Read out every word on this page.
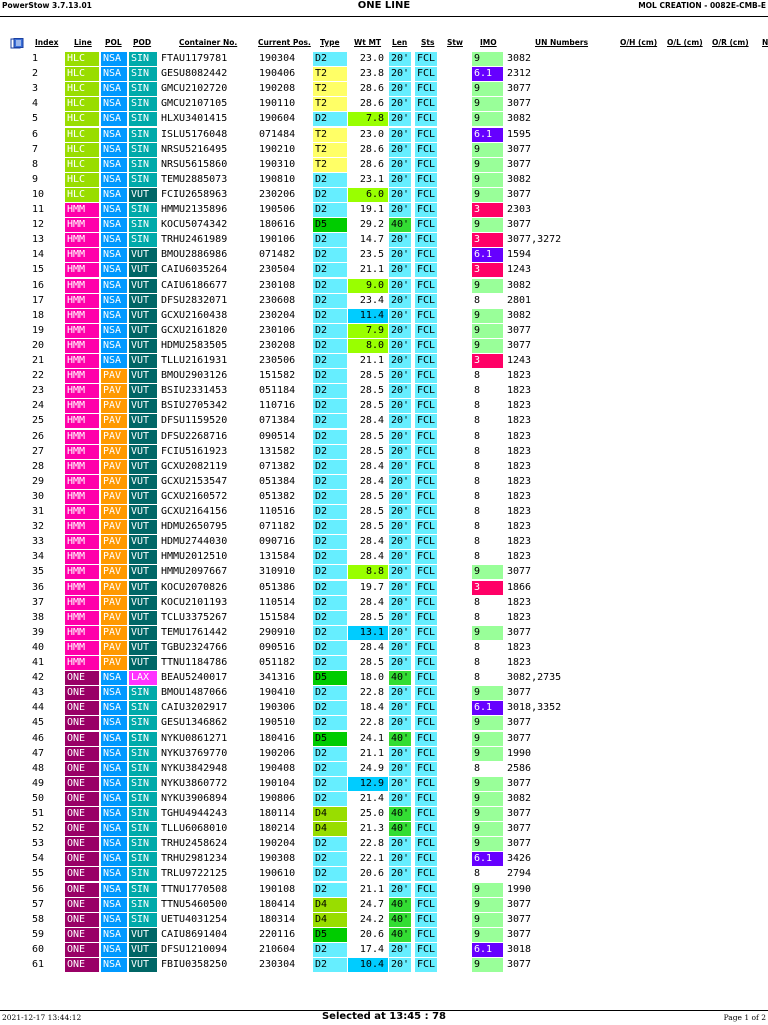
PowerStow 3.7.13.01	ONE LINE	MOL CREATION - 0082E-CMB-E
Index Line POL POD	Container No.	Current Pos. Type Wt MT Len Sts Stw IMO	UN Numbers	O/H (cm) O/L (cm) O/R (cm) N
1	HLC	NSA SIN	FTAU1179781	190304	D2	23.0 20' FCL	9	3082
2	HLC	NSA SIN	GESU8082442	190406	T2	23.8 20' FCL	6.1	2312
3	HLC	NSA SIN	GMCU2102720	190208	T2	28.6 20' FCL	9	3077
4	HLC	NSA SIN	GMCU2107105	190110	T2	28.6 20' FCL	9	3077
5	HLC	NSA SIN	HLXU3401415	190604	D2	7.8 20' FCL	9	3082
6	HLC	NSA SIN	ISLU5176048	071484	T2	23.0 20' FCL	6.1	1595
7	HLC	NSA SIN	NRSU5216495	190210	T2	28.6 20' FCL	9	3077
8	HLC	NSA SIN	NRSU5615860	190310	T2	28.6 20' FCL	9	3077
9	HLC	NSA SIN	TEMU2885073	190810	D2	23.1 20' FCL	9	3082
10	HLC	NSA VUT	FCIU2658963	230206	D2	6.0 20' FCL	9	3077
11	HMM	NSA SIN	HMMU2135896	190506	D2	19.1 20' FCL	3	2303
12	HMM	NSA SIN	KOCU5074342	180616	D5	29.2 40' FCL	9	3077
13	HMM	NSA SIN	TRHU2461989	190106	D2	14.7 20' FCL	3	3077,3272
14	HMM	NSA VUT	BMOU2886986	071482	D2	23.5 20' FCL	6.1	1594
15	HMM	NSA VUT	CAIU6035264	230504	D2	21.1 20' FCL	3	1243
16	HMM	NSA VUT	CAIU6186677	230108	D2	9.0 20' FCL	9	3082
17	HMM	NSA VUT	DFSU2832071	230608	D2	23.4 20' FCL	8	2801
18	HMM	NSA VUT	GCXU2160438	230204	D2	11.4 20' FCL	9	3082
19	HMM	NSA VUT	GCXU2161820	230106	D2	7.9 20' FCL	9	3077
20	HMM	NSA VUT	HDMU2583505	230208	D2	8.0 20' FCL	9	3077
21	HMM	NSA VUT	TLLU2161931	230506	D2	21.1 20' FCL	3	1243
22	HMM	PAV VUT	BMOU2903126	151582	D2	28.5 20' FCL	8	1823
23	HMM	PAV VUT	BSIU2331453	051184	D2	28.5 20' FCL	8	1823
24	HMM	PAV VUT	BSIU2705342	110716	D2	28.5 20' FCL	8	1823
25	HMM	PAV VUT	DFSU1159520	071384	D2	28.4 20' FCL	8	1823
26	HMM	PAV VUT	DFSU2268716	090514	D2	28.5 20' FCL	8	1823
27	HMM	PAV VUT	FCIU5161923	131582	D2	28.5 20' FCL	8	1823
28	HMM	PAV VUT	GCXU2082119	071382	D2	28.4 20' FCL	8	1823
29	HMM	PAV VUT	GCXU2153547	051384	D2	28.4 20' FCL	8	1823
30	HMM	PAV VUT	GCXU2160572	051382	D2	28.5 20' FCL	8	1823
31	HMM	PAV VUT	GCXU2164156	110516	D2	28.5 20' FCL	8	1823
32	HMM	PAV VUT	HDMU2650795	071182	D2	28.5 20' FCL	8	1823
33	HMM	PAV VUT	HDMU2744030	090716	D2	28.4 20' FCL	8	1823
34	HMM	PAV VUT	HMMU2012510	131584	D2	28.4 20' FCL	8	1823
35	HMM	PAV VUT	HMMU2097667	310910	D2	8.8 20' FCL	9	3077
36	HMM	PAV VUT	KOCU2070826	051386	D2	19.7 20' FCL	3	1866
37	HMM	PAV VUT	KOCU2101193	110514	D2	28.4 20' FCL	8	1823
38	HMM	PAV VUT	TCLU3375267	151584	D2	28.5 20' FCL	8	1823
39	HMM	PAV VUT	TEMU1761442	290910	D2	13.1 20' FCL	9	3077
40	HMM	PAV VUT	TGBU2324766	090516	D2	28.4 20' FCL	8	1823
41	HMM	PAV VUT	TTNU1184786	051182	D2	28.5 20' FCL	8	1823
42	ONE	NSA LAX	BEAU5240017	341316	D5	18.0 40' FCL	8	3082,2735
43	ONE	NSA SIN	BMOU1487066	190410	D2	22.8 20' FCL	9	3077
44	ONE	NSA SIN	CAIU3202917	190306	D2	18.4 20' FCL	6.1	3018,3352
45	ONE	NSA SIN	GESU1346862	190510	D2	22.8 20' FCL	9	3077
46	ONE	NSA SIN	NYKU0861271	180416	D5	24.1 40' FCL	9	3077
47	ONE	NSA SIN	NYKU3769770	190206	D2	21.1 20' FCL	9	1990
48	ONE	NSA SIN	NYKU3842948	190408	D2	24.9 20' FCL	8	2586
49	ONE	NSA SIN	NYKU3860772	190104	D2	12.9 20' FCL	9	3077
50	ONE	NSA SIN	NYKU3906894	190806	D2	21.4 20' FCL	9	3082
51	ONE	NSA SIN	TGHU4944243	180114	D4	25.0 40' FCL	9	3077
52	ONE	NSA SIN	TLLU6068010	180214	D4	21.3 40' FCL	9	3077
53	ONE	NSA SIN	TRHU2458624	190204	D2	22.8 20' FCL	9	3077
54	ONE	NSA SIN	TRHU2981234	190308	D2	22.1 20' FCL	6.1	3426
55	ONE	NSA SIN	TRLU9722125	190610	D2	20.6 20' FCL	8	2794
56	ONE	NSA SIN	TTNU1770508	190108	D2	21.1 20' FCL	9	1990
57	ONE	NSA SIN	TTNU5460500	180414	D4	24.7 40' FCL	9	3077
58	ONE	NSA SIN	UETU4031254	180314	D4	24.2 40' FCL	9	3077
59	ONE	NSA VUT	CAIU8691404	220116	D5	20.6 40' FCL	9	3077
60	ONE	NSA VUT	DFSU1210094	210604	D2	17.4 20' FCL	6.1	3018
61	ONE	NSA VUT	FBIU0358250	230304	D2	10.4 20' FCL	9	3077
2021-12-17 13:44:12	Selected at 13:45 : 78	Page 1 of 2
